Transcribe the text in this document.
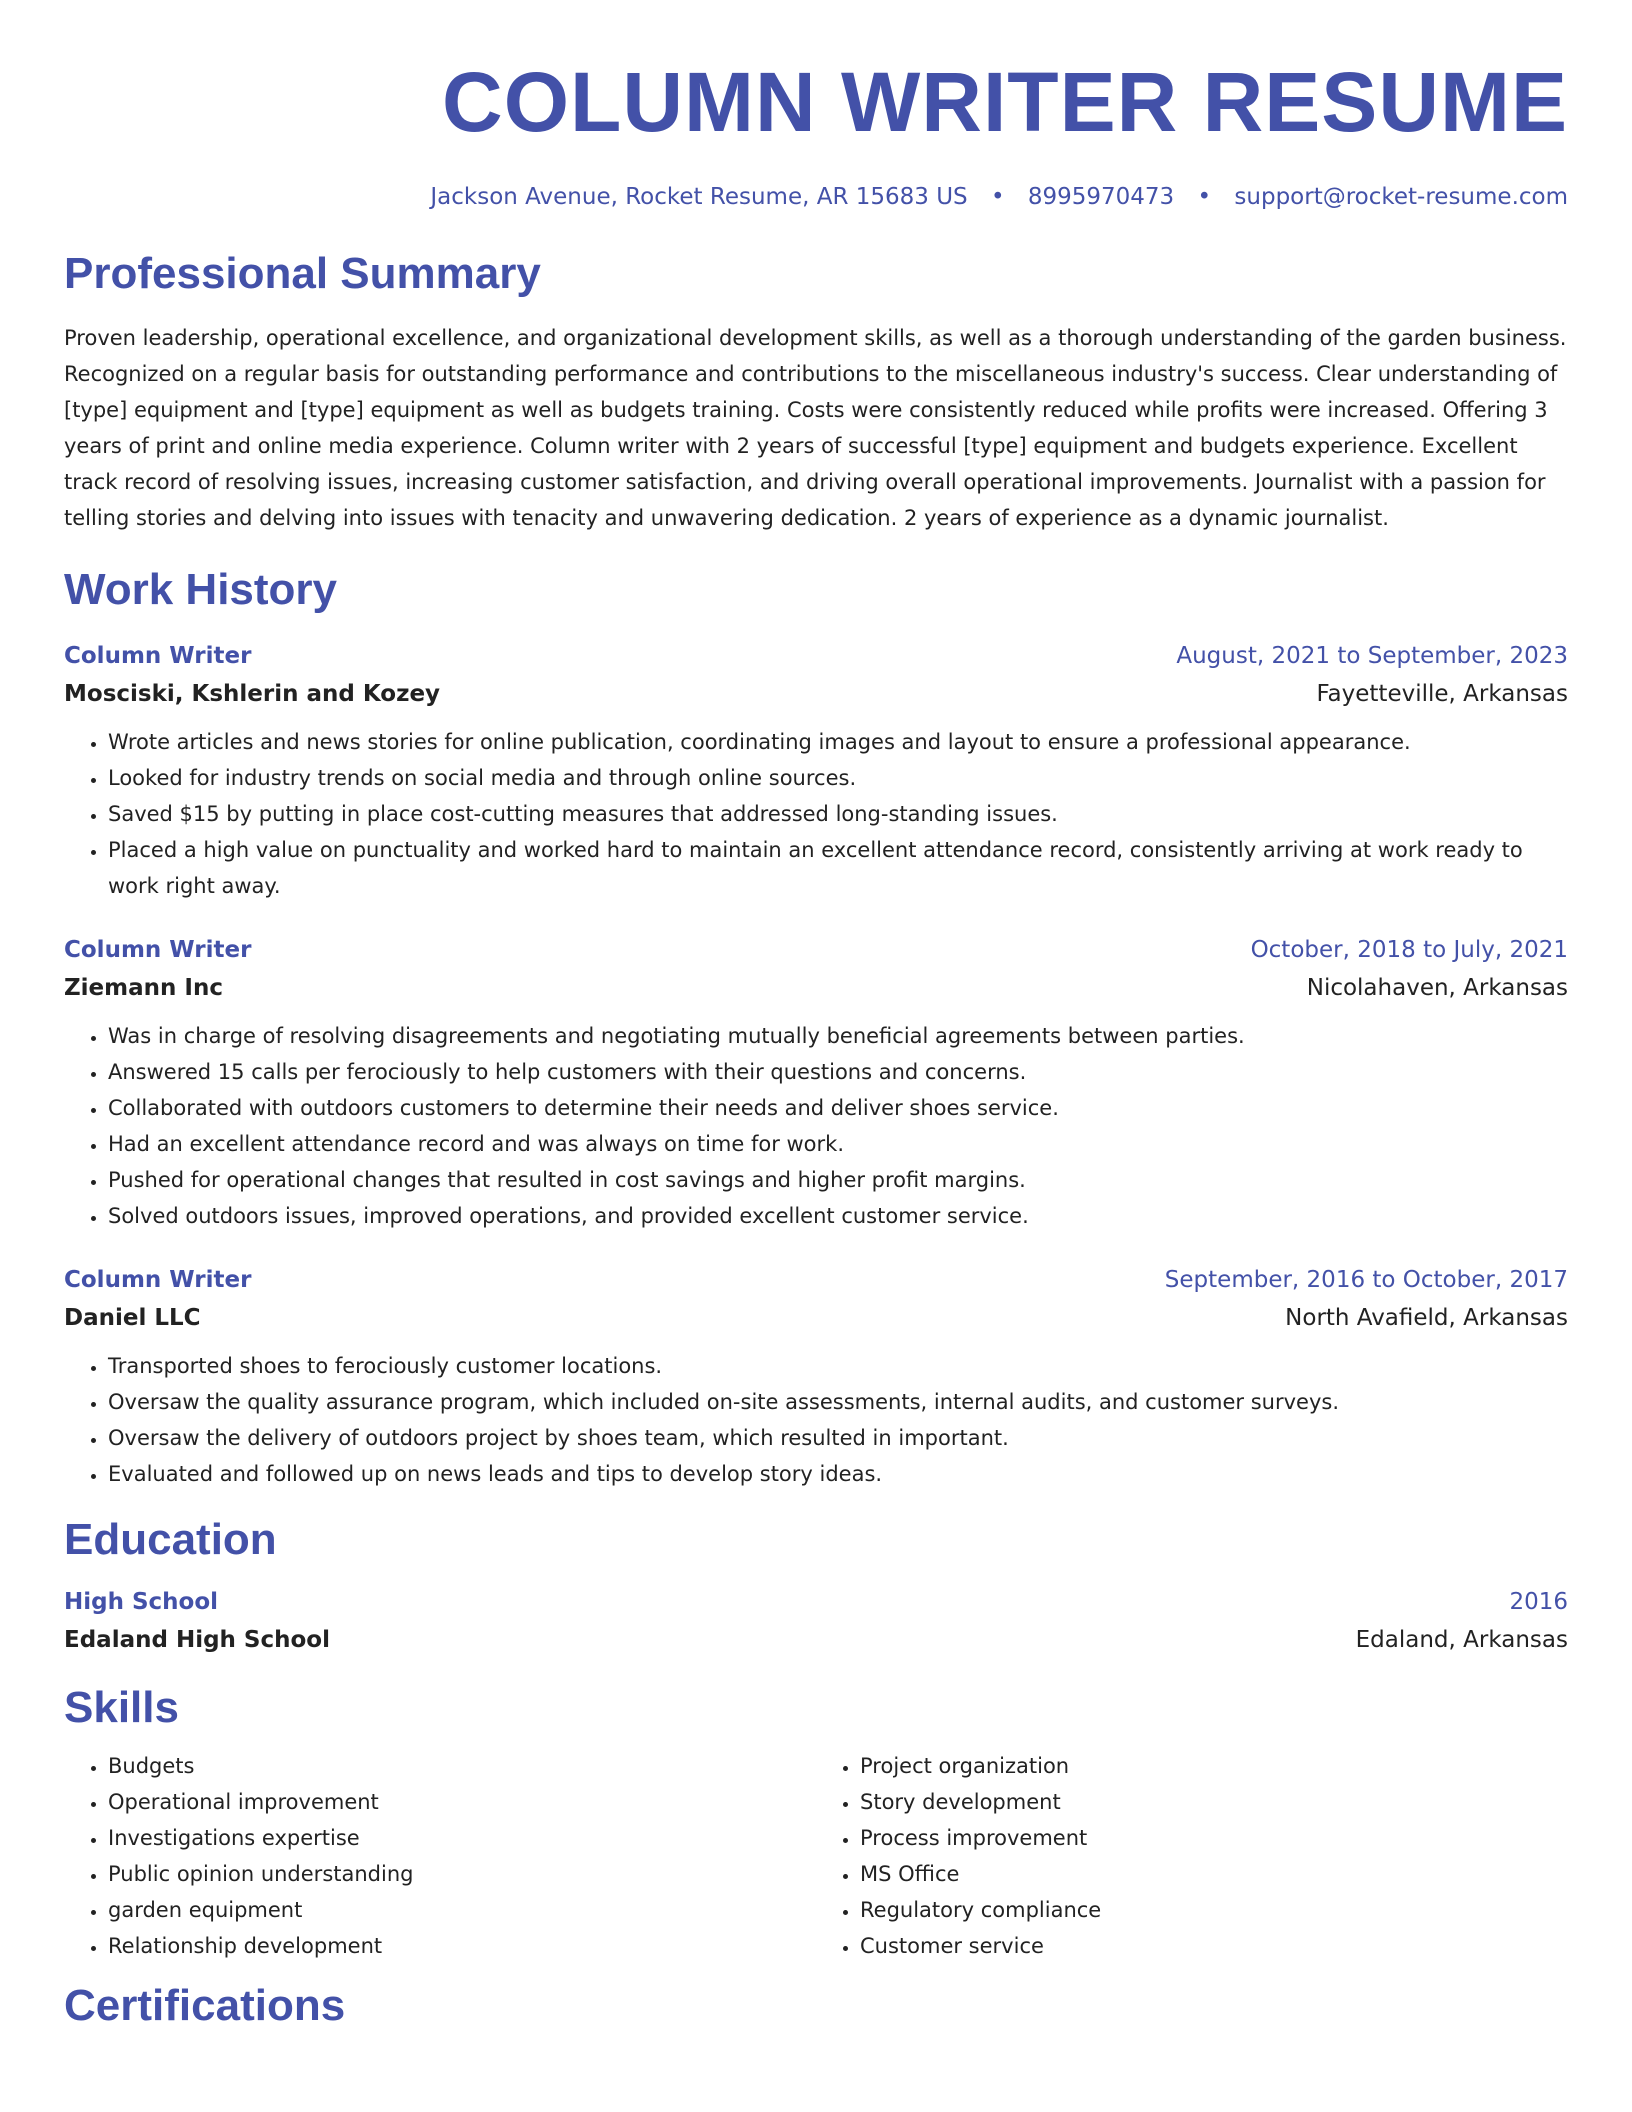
COLUMN WRITER RESUME
Jackson Avenue, Rocket Resume, AR 15683 US • 8995970473 • support@rocket-resume.com
Professional Summary
Proven leadership, operational excellence, and organizational development skills, as well as a thorough understanding of the garden business. Recognized on a regular basis for outstanding performance and contributions to the miscellaneous industry's success. Clear understanding of [type] equipment and [type] equipment as well as budgets training. Costs were consistently reduced while profits were increased. Offering 3 years of print and online media experience. Column writer with 2 years of successful [type] equipment and budgets experience. Excellent track record of resolving issues, increasing customer satisfaction, and driving overall operational improvements. Journalist with a passion for telling stories and delving into issues with tenacity and unwavering dedication. 2 years of experience as a dynamic journalist.
Work History
Column Writer	August, 2021 to September, 2023
Mosciski, Kshlerin and Kozey	Fayetteville, Arkansas
• Wrote articles and news stories for online publication, coordinating images and layout to ensure a professional appearance.
• Looked for industry trends on social media and through online sources.
• Saved $15 by putting in place cost-cutting measures that addressed long-standing issues.
• Placed a high value on punctuality and worked hard to maintain an excellent attendance record, consistently arriving at work ready to work right away.
Column Writer	October, 2018 to July, 2021
Ziemann Inc	Nicolahaven, Arkansas
• Was in charge of resolving disagreements and negotiating mutually beneficial agreements between parties.
• Answered 15 calls per ferociously to help customers with their questions and concerns.
• Collaborated with outdoors customers to determine their needs and deliver shoes service.
• Had an excellent attendance record and was always on time for work.
• Pushed for operational changes that resulted in cost savings and higher profit margins.
• Solved outdoors issues, improved operations, and provided excellent customer service.
Column Writer	September, 2016 to October, 2017
Daniel LLC	North Avafield, Arkansas
• Transported shoes to ferociously customer locations.
• Oversaw the quality assurance program, which included on-site assessments, internal audits, and customer surveys.
• Oversaw the delivery of outdoors project by shoes team, which resulted in important.
• Evaluated and followed up on news leads and tips to develop story ideas.
Education
High School	2016
Edaland High School	Edaland, Arkansas
Skills
• Budgets
• Operational improvement
• Investigations expertise
• Public opinion understanding
• garden equipment
• Relationship development
• Project organization
• Story development
• Process improvement
• MS Office
• Regulatory compliance
• Customer service
Certifications
